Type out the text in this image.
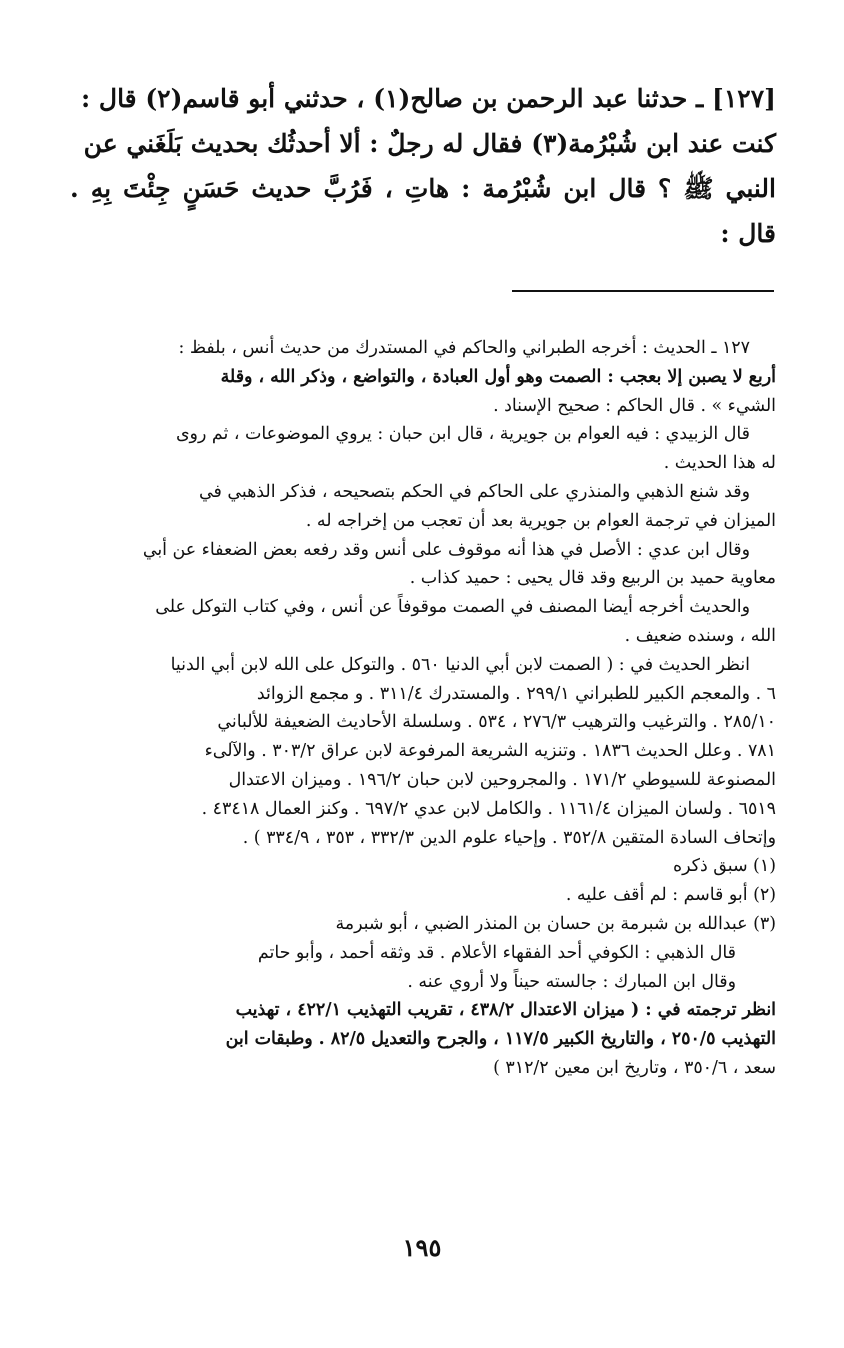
[١٢٧] ـ حدثنا عبد الرحمن بن صالح(١) ، حدثني أبو قاسم(٢) قال :

كنت عند ابن شُبْرُمة(٣) فقال له رجلٌ : ألا أحدثُك بحديث بَلَغَني عن

النبي ﷺ ؟ قال ابن شُبْرُمة : هاتِ ، فَرُبَّ حديث حَسَنٍ جِئْتَ بِهِ . قال :

١٢٧ ـ الحديث : أخرجه الطبراني والحاكم في المستدرك من حديث أنس ، بلفظ :

أربع لا يصبن إلا بعجب : الصمت وهو أول العبادة ، والتواضع ، وذكر الله ، وقلة

الشيء » . قال الحاكم : صحيح الإسناد .

قال الزبيدي : فيه العوام بن جويرية ، قال ابن حبان : يروي الموضوعات ، ثم روى

له هذا الحديث .

وقد شنع الذهبي والمنذري على الحاكم في الحكم بتصحيحه ، فذكر الذهبي في

الميزان في ترجمة العوام بن جويرية بعد أن تعجب من إخراجه له .

وقال ابن عدي : الأصل في هذا أنه موقوف على أنس وقد رفعه بعض الضعفاء عن أبي

معاوية حميد بن الربيع وقد قال يحيى : حميد كذاب .

والحديث أخرجه أيضا المصنف في الصمت موقوفاً عن أنس ، وفي كتاب التوكل على

الله ، وسنده ضعيف .

انظر الحديث في : ( الصمت لابن أبي الدنيا ٥٦٠ . والتوكل على الله لابن أبي الدنيا

٦ . والمعجم الكبير للطبراني ٢٩٩/١ . والمستدرك ٣١١/٤ . و مجمع الزوائد

٢٨٥/١٠ . والترغيب والترهيب ٢٧٦/٣ ، ٥٣٤ . وسلسلة الأحاديث الضعيفة للألباني

٧٨١ . وعلل الحديث ١٨٣٦ . وتنزيه الشريعة المرفوعة لابن عراق ٣٠٣/٢ . والآلىء

المصنوعة للسيوطي ١٧١/٢ . والمجروحين لابن حبان ١٩٦/٢ . وميزان الاعتدال

٦٥١٩ . ولسان الميزان ١١٦١/٤ . والكامل لابن عدي ٦٩٧/٢ . وكنز العمال ٤٣٤١٨ .

وإتحاف السادة المتقين ٣٥٢/٨ . وإحياء علوم الدين ٣٣٢/٣ ، ٣٥٣ ، ٣٣٤/٩ ) .

(١) سبق ذكره

(٢) أبو قاسم : لم أقف عليه .

(٣) عبدالله بن شبرمة بن حسان بن المنذر الضبي ، أبو شبرمة

قال الذهبي : الكوفي أحد الفقهاء الأعلام . قد وثقه أحمد ، وأبو حاتم

وقال ابن المبارك : جالسته حيناً ولا أروي عنه .

انظر ترجمته في : ( ميزان الاعتدال ٤٣٨/٢ ، تقريب التهذيب ٤٢٢/١ ، تهذيب

التهذيب ٢٥٠/٥ ، والتاريخ الكبير ١١٧/٥ ، والجرح والتعديل ٨٢/٥ . وطبقات ابن

سعد ، ٣٥٠/٦ ، وتاريخ ابن معين ٣١٢/٢ )

١٩٥
